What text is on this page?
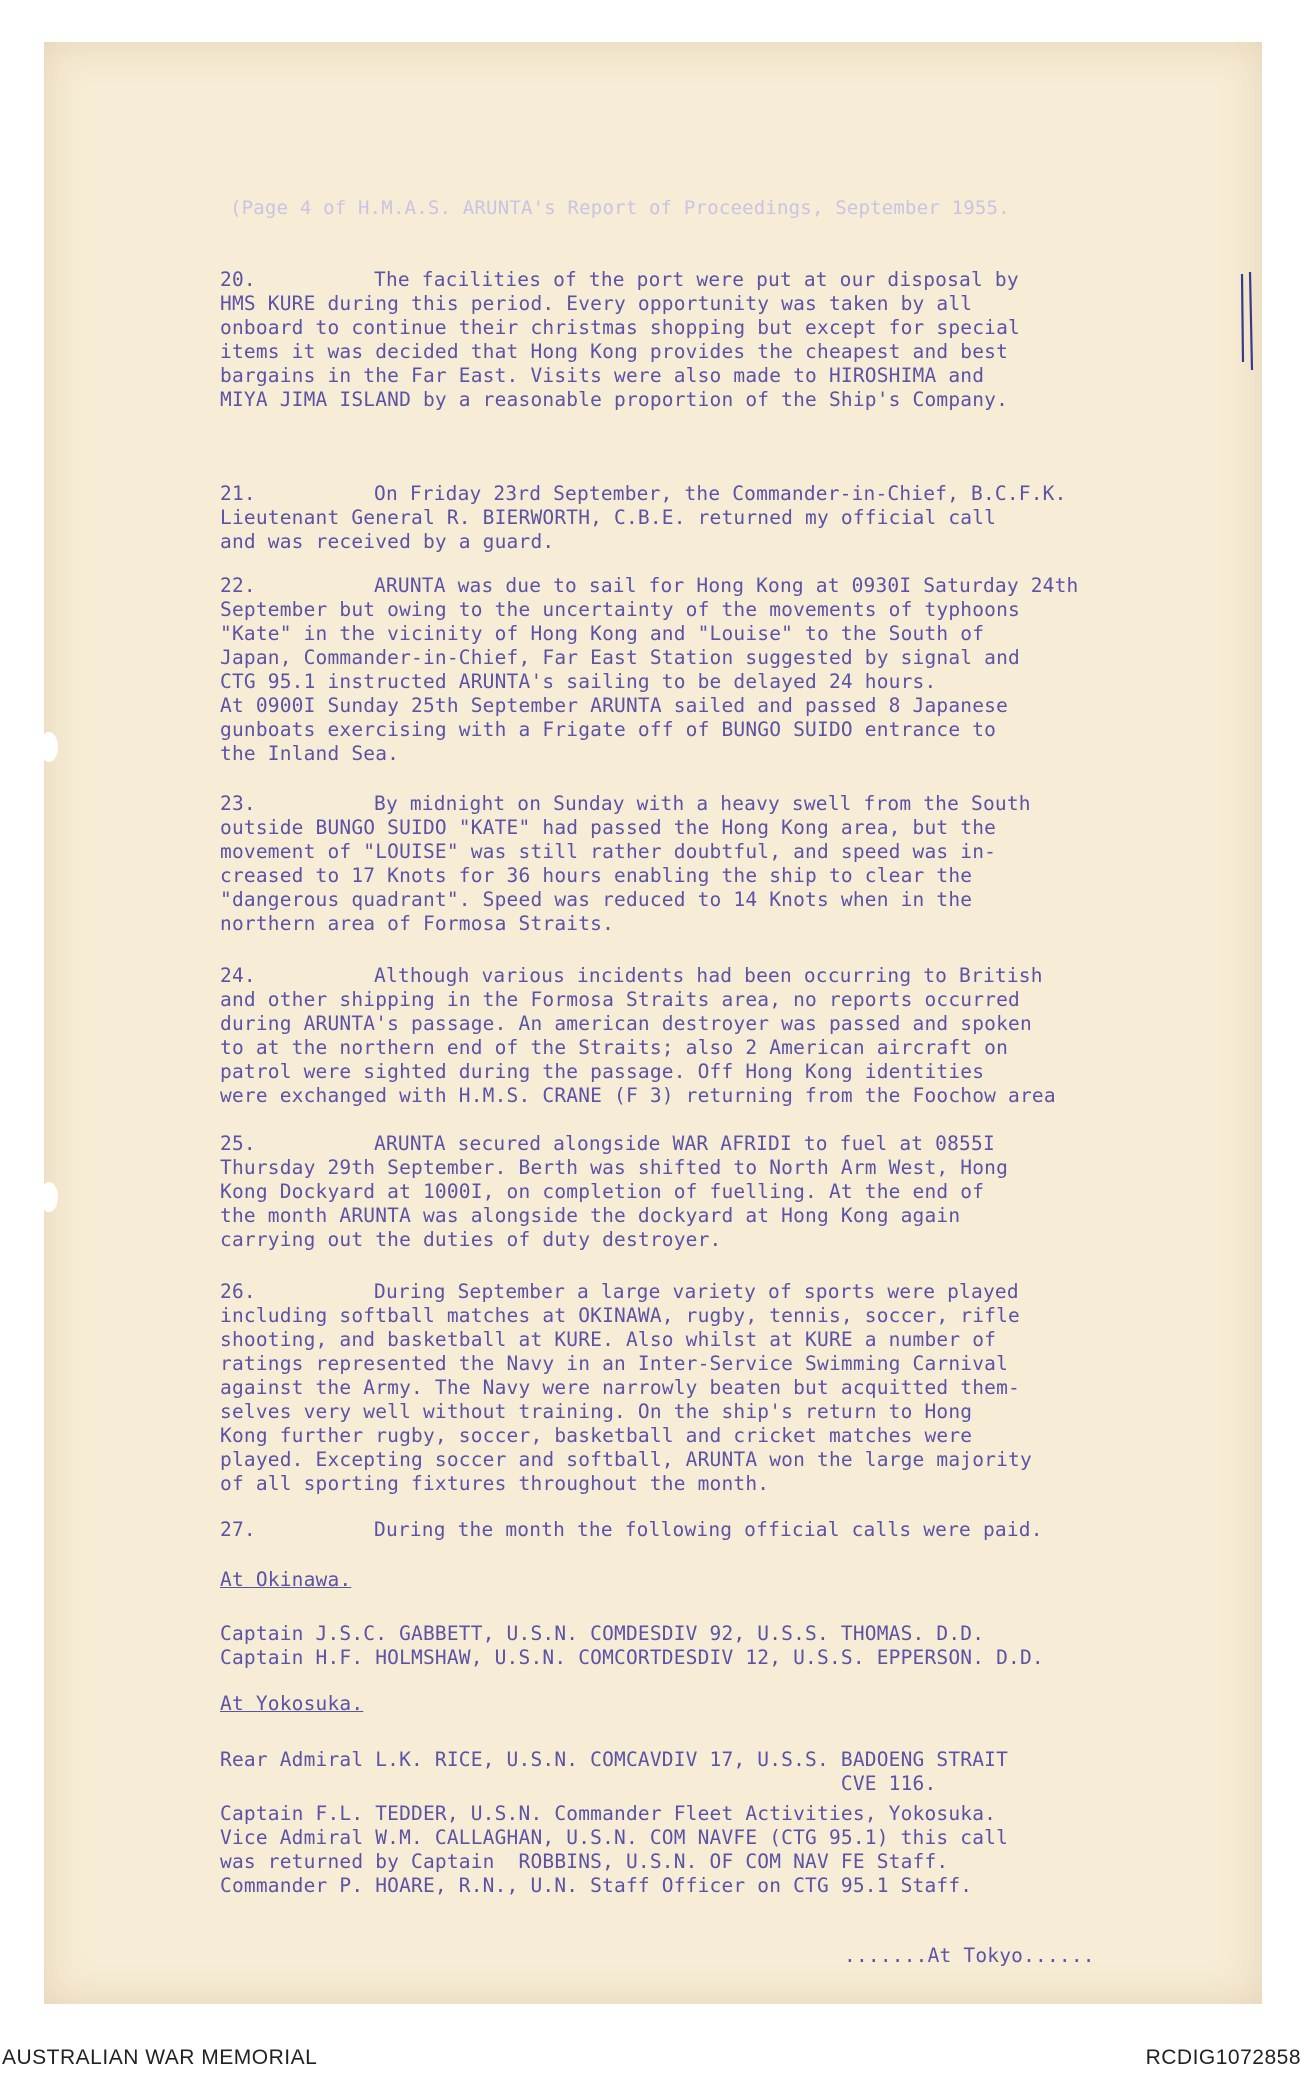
(Page 4 of H.M.A.S. ARUNTA's Report of Proceedings, September 1955.
20.	The facilities of the port were put at our disposal by
HMS KURE during this period. Every opportunity was taken by all
onboard to continue their christmas shopping but except for special
items it was decided that Hong Kong provides the cheapest and best
bargains in the Far East. Visits were also made to HIROSHIMA and
MIYA JIMA ISLAND by a reasonable proportion of the Ship's Company.
21.	On Friday 23rd September, the Commander-in-Chief, B.C.F.K.
Lieutenant General R. BIERWORTH, C.B.E. returned my official call
and was received by a guard.
22.	ARUNTA was due to sail for Hong Kong at 0930I Saturday 24th
September but owing to the uncertainty of the movements of typhoons
"Kate" in the vicinity of Hong Kong and "Louise" to the South of
Japan, Commander-in-Chief, Far East Station suggested by signal and
CTG 95.1 instructed ARUNTA's sailing to be delayed 24 hours.
At 0900I Sunday 25th September ARUNTA sailed and passed 8 Japanese
gunboats exercising with a Frigate off of BUNGO SUIDO entrance to
the Inland Sea.
23.	By midnight on Sunday with a heavy swell from the South
outside BUNGO SUIDO "KATE" had passed the Hong Kong area, but the
movement of "LOUISE" was still rather doubtful, and speed was in-
creased to 17 Knots for 36 hours enabling the ship to clear the
"dangerous quadrant". Speed was reduced to 14 Knots when in the
northern area of Formosa Straits.
24.	Although various incidents had been occurring to British
and other shipping in the Formosa Straits area, no reports occurred
during ARUNTA's passage. An american destroyer was passed and spoken
to at the northern end of the Straits; also 2 American aircraft on
patrol were sighted during the passage. Off Hong Kong identities
were exchanged with H.M.S. CRANE (F 3) returning from the Foochow area
25.	ARUNTA secured alongside WAR AFRIDI to fuel at 0855I
Thursday 29th September. Berth was shifted to North Arm West, Hong
Kong Dockyard at 1000I, on completion of fuelling. At the end of
the month ARUNTA was alongside the dockyard at Hong Kong again
carrying out the duties of duty destroyer.
26.	During September a large variety of sports were played
including softball matches at OKINAWA, rugby, tennis, soccer, rifle
shooting, and basketball at KURE. Also whilst at KURE a number of
ratings represented the Navy in an Inter-Service Swimming Carnival
against the Army. The Navy were narrowly beaten but acquitted them-
selves very well without training. On the ship's return to Hong
Kong further rugby, soccer, basketball and cricket matches were
played. Excepting soccer and softball, ARUNTA won the large majority
of all sporting fixtures throughout the month.
27.	During the month the following official calls were paid.
At Okinawa.
Captain J.S.C. GABBETT, U.S.N. COMDESDIV 92, U.S.S. THOMAS. D.D.
Captain H.F. HOLMSHAW, U.S.N. COMCORTDESDIV 12, U.S.S. EPPERSON. D.D.
At Yokosuka.
Rear Admiral L.K. RICE, U.S.N. COMCAVDIV 17, U.S.S. BADOENG STRAIT
CVE 116.
Captain F.L. TEDDER, U.S.N. Commander Fleet Activities, Yokosuka.
Vice Admiral W.M. CALLAGHAN, U.S.N. COM NAVFE (CTG 95.1) this call
was returned by Captain  ROBBINS, U.S.N. OF COM NAV FE Staff.
Commander P. HOARE, R.N., U.N. Staff Officer on CTG 95.1 Staff.
.......At Tokyo......
AUSTRALIAN WAR MEMORIAL	RCDIG1072858
